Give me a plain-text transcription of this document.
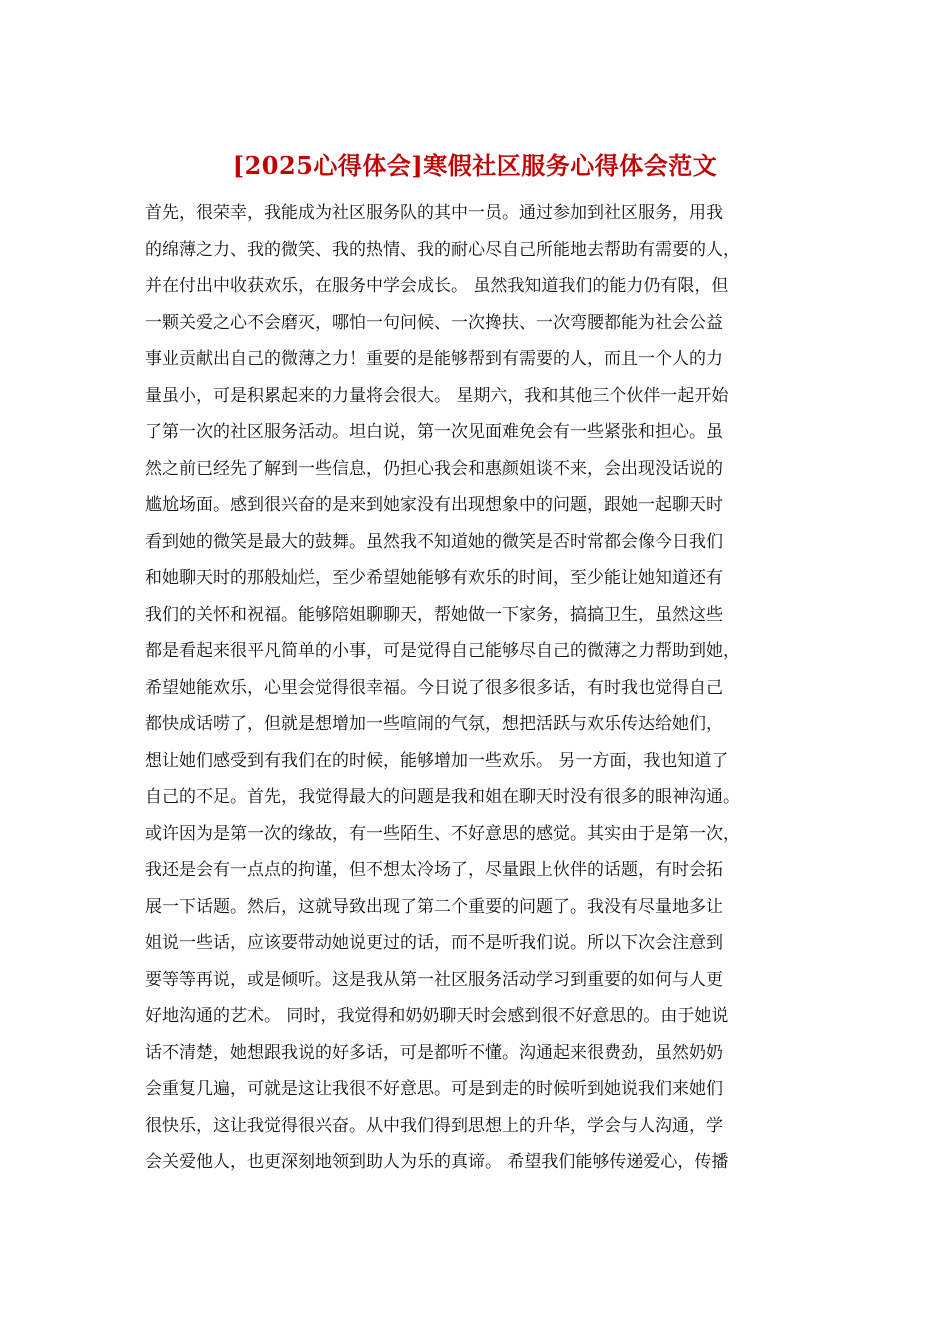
[2025心得体会]寒假社区服务心得体会范文
首先，很荣幸，我能成为社区服务队的其中一员。通过参加到社区服务，用我
的绵薄之力、我的微笑、我的热情、我的耐心尽自己所能地去帮助有需要的人，
并在付出中收获欢乐，在服务中学会成长。 虽然我知道我们的能力仍有限，但
一颗关爱之心不会磨灭，哪怕一句问候、一次搀扶、一次弯腰都能为社会公益
事业贡献出自己的微薄之力！重要的是能够帮到有需要的人，而且一个人的力
量虽小，可是积累起来的力量将会很大。 星期六，我和其他三个伙伴一起开始
了第一次的社区服务活动。坦白说，第一次见面难免会有一些紧张和担心。虽
然之前已经先了解到一些信息，仍担心我会和惠颜姐谈不来，会出现没话说的
尴尬场面。感到很兴奋的是来到她家没有出现想象中的问题，跟她一起聊天时
看到她的微笑是最大的鼓舞。虽然我不知道她的微笑是否时常都会像今日我们
和她聊天时的那般灿烂，至少希望她能够有欢乐的时间，至少能让她知道还有
我们的关怀和祝福。能够陪姐聊聊天，帮她做一下家务，搞搞卫生，虽然这些
都是看起来很平凡简单的小事，可是觉得自己能够尽自己的微薄之力帮助到她，
希望她能欢乐，心里会觉得很幸福。今日说了很多很多话，有时我也觉得自己
都快成话唠了，但就是想增加一些喧闹的气氛，想把活跃与欢乐传达给她们，
想让她们感受到有我们在的时候，能够增加一些欢乐。 另一方面，我也知道了
自己的不足。首先，我觉得最大的问题是我和姐在聊天时没有很多的眼神沟通。
或许因为是第一次的缘故，有一些陌生、不好意思的感觉。其实由于是第一次，
我还是会有一点点的拘谨，但不想太冷场了，尽量跟上伙伴的话题，有时会拓
展一下话题。然后，这就导致出现了第二个重要的问题了。我没有尽量地多让
姐说一些话，应该要带动她说更过的话，而不是听我们说。所以下次会注意到
要等等再说，或是倾听。这是我从第一社区服务活动学习到重要的如何与人更
好地沟通的艺术。 同时，我觉得和奶奶聊天时会感到很不好意思的。由于她说
话不清楚，她想跟我说的好多话，可是都听不懂。沟通起来很费劲，虽然奶奶
会重复几遍，可就是这让我很不好意思。可是到走的时候听到她说我们来她们
很快乐，这让我觉得很兴奋。从中我们得到思想上的升华，学会与人沟通，学
会关爱他人，也更深刻地领到助人为乐的真谛。 希望我们能够传递爱心，传播
